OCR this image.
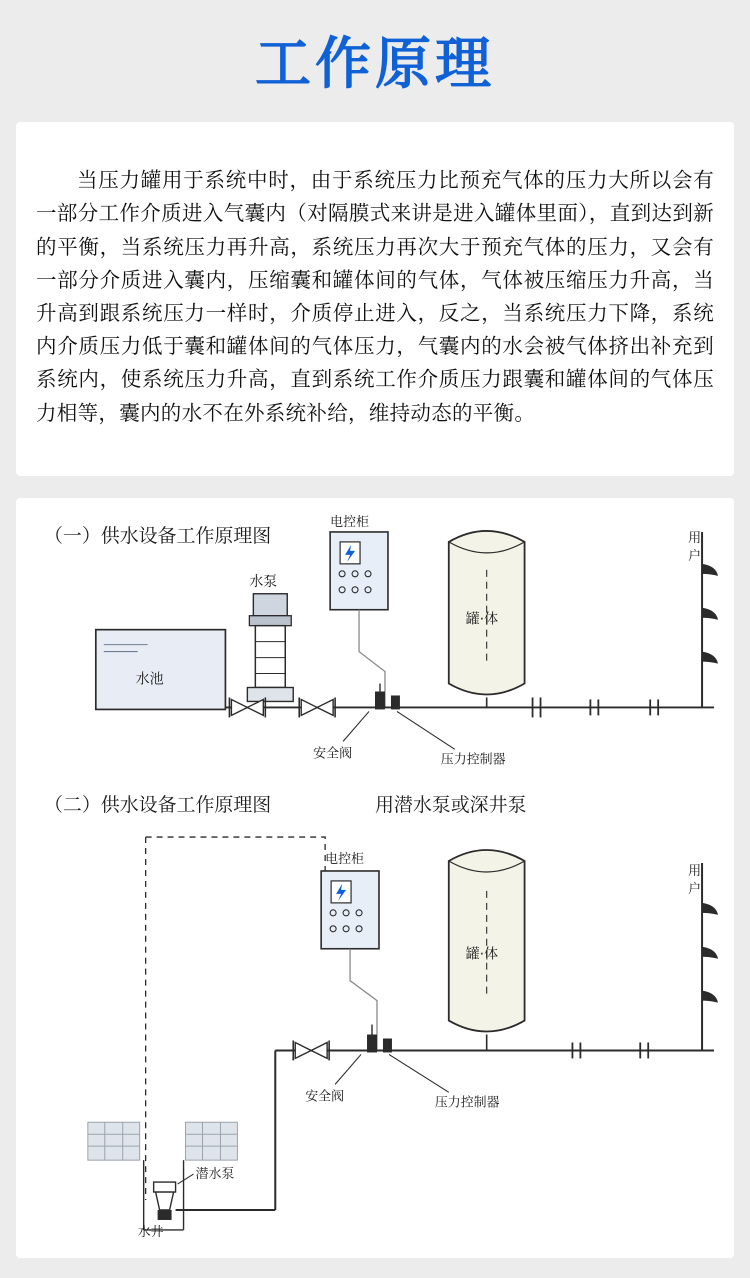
工作原理

当压力罐用于系统中时，由于系统压力比预充气体的压力大所以会有一部分工作介质进入气囊内（对隔膜式来讲是进入罐体里面），直到达到新的平衡，当系统压力再升高，系统压力再次大于预充气体的压力，又会有一部分介质进入囊内，压缩囊和罐体间的气体，气体被压缩压力升高，当升高到跟系统压力一样时，介质停止进入，反之，当系统压力下降，系统内介质压力低于囊和罐体间的气体压力，气囊内的水会被气体挤出补充到系统内，使系统压力升高，直到系统工作介质压力跟囊和罐体间的气体压力相等，囊内的水不在外系统补给，维持动态的平衡。

（一）供水设备工作原理图
电控柜
罐·体
水池
水泵
安全阀	压力控制器
用
户
（二）供水设备工作原理图	用潜水泵或深井泵
电控柜
罐·体
安全阀	压力控制器
用
户
潜水泵
水井
